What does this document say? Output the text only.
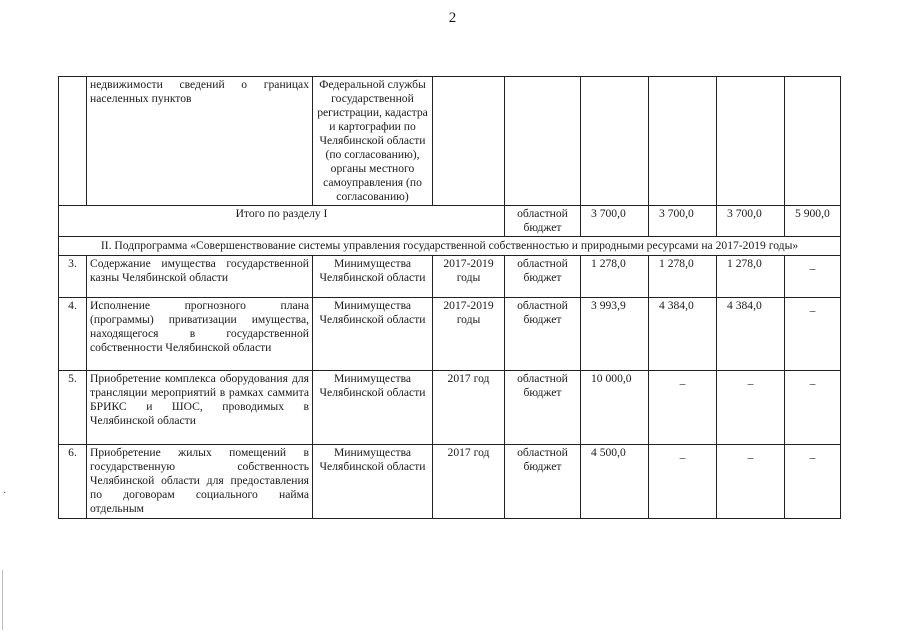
2
	недвижимости сведений о границах населенных пунктов	Федеральной службы государственной регистрации, кадастра и картографии по Челябинской области (по согласованию), органы местного самоуправления (по согласованию)						
Итого по разделу I				областной бюджет	3 700,0	3 700,0	3 700,0	5 900,0
II. Подпрограмма «Совершенствование системы управления государственной собственностью и природными ресурсами на 2017-2019 годы»								
3.	Содержание имущества государственной казны Челябинской области	Минимущества Челябинской области	2017-2019 годы	областной бюджет	1 278,0	1 278,0	1 278,0	–
4.	Исполнение прогнозного плана (программы) приватизации имущества, находящегося в государственной собственности Челябинской области	Минимущества Челябинской области	2017-2019 годы	областной бюджет	3 993,9	4 384,0	4 384,0	–
5.	Приобретение комплекса оборудования для трансляции мероприятий в рамках саммита БРИКС и ШОС, проводимых в Челябинской области	Минимущества Челябинской области	2017 год	областной бюджет	10 000,0	–	–	–
6.	Приобретение жилых помещений в государственную собственность Челябинской области для предоставления по договорам социального найма отдельным	Минимущества Челябинской области	2017 год	областной бюджет	4 500,0	–	–	–
·
